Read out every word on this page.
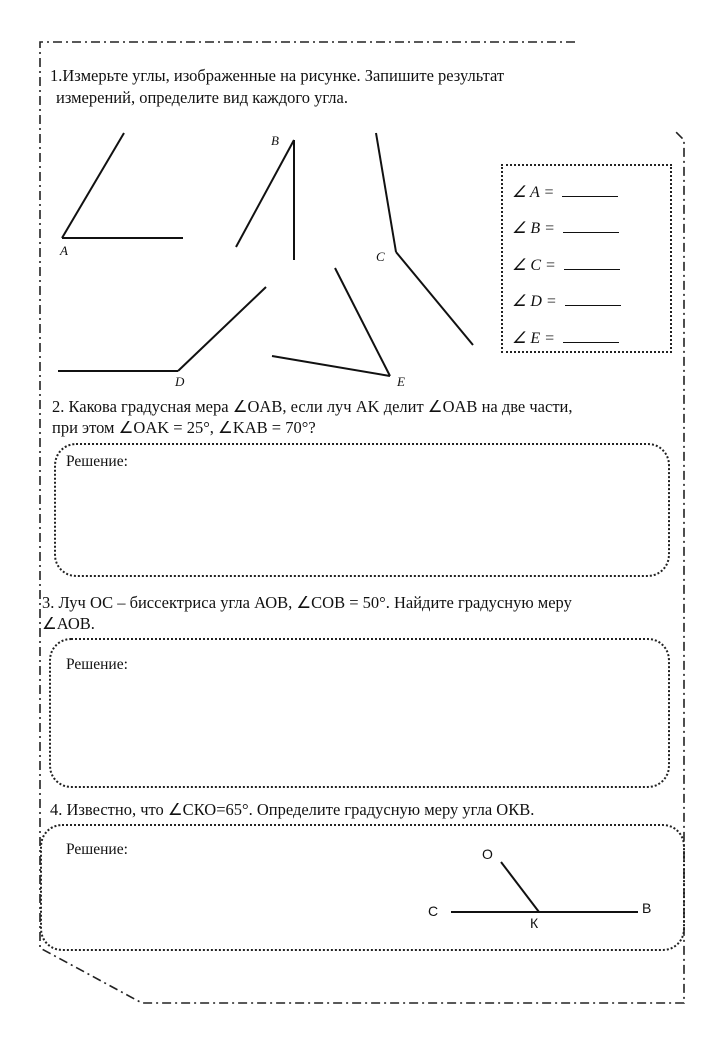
1.Измерьте углы, изображенные на рисунке. Запишите результат

измерений, определите вид каждого угла.

A
B
C
D	E
∠ A =
∠ B =
∠ C =
∠ D =
∠ E =

2. Какова градусная мера ∠OAB, если луч AK делит ∠OAB на две части,

при этом ∠OAK = 25°, ∠KAB = 70°?

Решение:

3. Луч ОС – биссектриса угла АОВ, ∠СОВ = 50°. Найдите градусную меру

∠АОВ.

Решение:

4. Известно, что ∠СКО=65°. Определите градусную меру угла ОКВ.

Решение:	O
C
К
B
